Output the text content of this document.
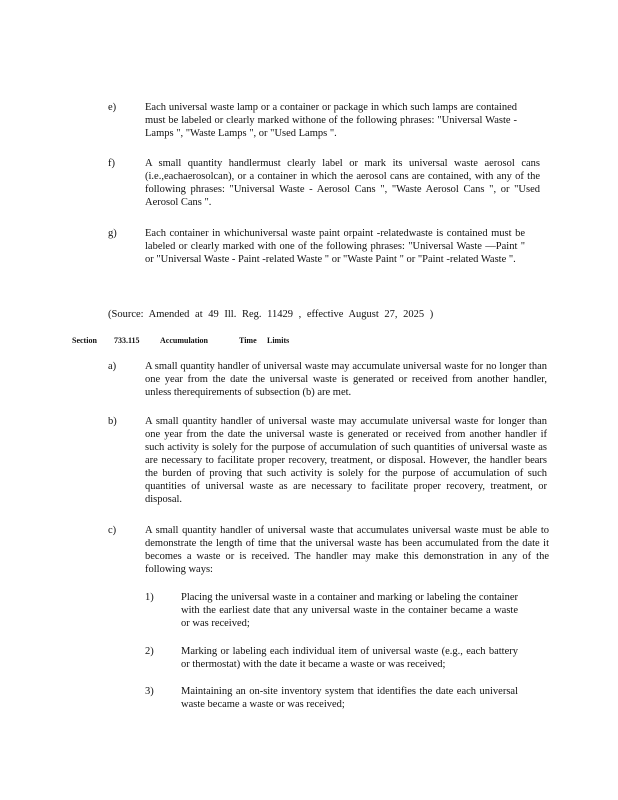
e)	Each universal waste lamp or a container or package in which such lamps are contained must be labeled or clearly marked withone of the following phrases: "Universal Waste - Lamps ", "Waste Lamps ", or "Used Lamps ".
f)	A small quantity handlermust clearly label or mark its universal waste aerosol cans (i.e.,eachaerosolcan), or a container in which the aerosol cans are contained, with any of the following phrases: "Universal Waste - Aerosol Cans ", "Waste Aerosol Cans ", or "Used Aerosol Cans ".
g)	Each container in whichuniversal waste paint orpaint -relatedwaste is contained must be labeled or clearly marked with one of the following phrases: "Universal Waste —Paint " or "Universal Waste - Paint -related Waste " or "Waste Paint " or "Paint -related Waste ".
(Source: Amended at 49 Ill. Reg. 11429 , effective August 27, 2025 )
Section 733.115	Accumulation	Time Limits
a)	A small quantity handler of universal waste may accumulate universal waste for no longer than one year from the date the universal waste is generated or received from another handler, unless therequirements of subsection (b) are met.
b)	A small quantity handler of universal waste may accumulate universal waste for longer than one year from the date the universal waste is generated or received from another handler if such activity is solely for the purpose of accumulation of such quantities of universal waste as are necessary to facilitate proper recovery, treatment, or disposal. However, the handler bears the burden of proving that such activity is solely for the purpose of accumulation of such quantities of universal waste as are necessary to facilitate proper recovery, treatment, or disposal.
c)	A small quantity handler of universal waste that accumulates universal waste must be able to demonstrate the length of time that the universal waste has been accumulated from the date it becomes a waste or is received. The handler may make this demonstration in any of the following ways:
1)	Placing the universal waste in a container and marking or labeling the container with the earliest date that any universal waste in the container became a waste or was received;
2)	Marking or labeling each individual item of universal waste (e.g., each battery or thermostat) with the date it became a waste or was received;
3)	Maintaining an on-site inventory system that identifies the date each universal waste became a waste or was received;
